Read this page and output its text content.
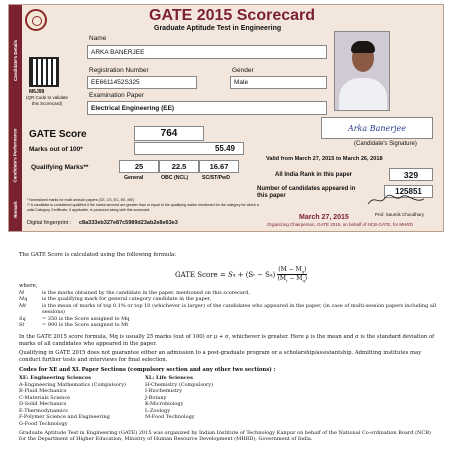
Candidate's Details
Candidate's Performance
Remark
GATE 2015 Scorecard
Graduate Aptitude Test in Engineering
M6J99
(QR Code to validate this Scorecard)
Name
ARKA BANERJEE
Registration Number
EE6611452S325
Gender
Male
Examination Paper
Electrical Engineering (EE)
Arka Banerjee
(Candidate's Signature)
GATE Score	764
Valid from March 27, 2015 to March 26, 2018
Marks out of 100*	55.49
All India Rank in this paper	329
Qualifying Marks**	25	22.5	16.67
General	OBC (NCL)	SC/ST/PwD
Number of candidates appeared in this paper	125851
* Normalized marks for multi-session papers (CE, CS, EC, EE, ME)
** A candidate is considered qualified if the marks secured are greater than or equal to the qualifying marks mentioned for the category for which a valid Category Certificate, if applicable, is produced along with this scorecard.
Digital fingerprint : c8a333eb327e87c5989d23ab2e8e63e3
Prof. Saumik Choudhury
March 27, 2015
Organizing Chairperson, GATE 2015, on behalf of NCB-GATE, for MHRD
The GATE Score is calculated using the following formula:
GATE Score =
S q
+ (S t
− S q ) $\frac{(M - M_q)}{(M_t - M_q)}$
where,
M	is the marks obtained by the candidate in the paper, mentioned on this scorecard,
Mq	is the qualifying mark for general category candidate in the paper,
Mt	is the mean of marks of top 0.1% or top 10 (whichever is larger) of the candidates who appeared in the paper, (in case of multi-session papers including all sessions)
Sq	= 350 is the Score assigned to Mq
St	= 900 is the Score assigned to Mt
In the GATE 2015 score formula, Mq is usually 25 marks (out of 100) or μ + σ, whichever is greater. Here μ is the mean and σ is the standard deviation of marks of all candidates who appeared in the paper.
Qualifying in GATE 2015 does not guarantee either an admission to a post-graduate program or a scholarship/assistantship. Admitting institutes may conduct further tests and interviews for final selection.
Codes for XE and XL Paper Sections (compulsory section and any other two sections) :
XE: Engineering Sciences
A-Engineering Mathematics (Compulsory)
B-Fluid Mechanics
C-Materials Science
D-Solid Mechanics
E-Thermodynamics
F-Polymer Science and Engineering
G-Food Technology
XL: Life Sciences
H-Chemistry (Compulsory)
I-Biochemistry
J-Botany
K-Microbiology
L-Zoology
M-Food Technology
Graduate Aptitude Test in Engineering (GATE) 2015 was organized by Indian Institute of Technology Kanpur on behalf of the National Co-ordination Board (NCB) for the Department of Higher Education, Ministry of Human Resource Development (MHRD), Government of India.
